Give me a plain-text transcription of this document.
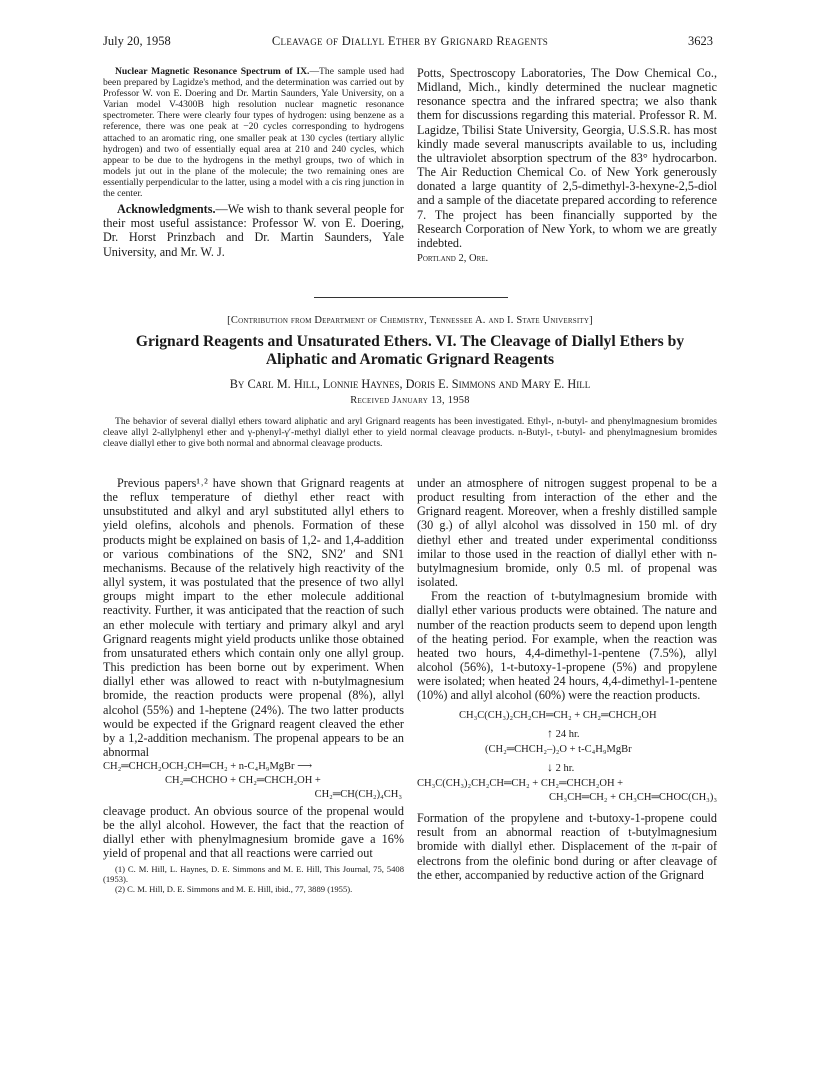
July 20, 1958	Cleavage of Diallyl Ether by Grignard Reagents	3623
Nuclear Magnetic Resonance Spectrum of IX.—The sample used had been prepared by Lagidze's method, and the determination was carried out by Professor W. von E. Doering and Dr. Martin Saunders, Yale University, on a Varian model V-4300B high resolution nuclear magnetic resonance spectrometer. There were clearly four types of hydrogen: using benzene as a reference, there was one peak at −20 cycles corresponding to hydrogens attached to an aromatic ring, one smaller peak at 130 cycles (tertiary allylic hydrogen) and two of essentially equal area at 210 and 240 cycles, which appear to be due to the hydrogens in the methyl groups, two of which in models jut out in the plane of the molecule; the two remaining ones are essentially perpendicular to the latter, using a model with a cis ring junction in the center.
Acknowledgments.—We wish to thank several people for their most useful assistance: Professor W. von E. Doering, Dr. Horst Prinzbach and Dr. Martin Saunders, Yale University, and Mr. W. J.
Potts, Spectroscopy Laboratories, The Dow Chemical Co., Midland, Mich., kindly determined the nuclear magnetic resonance spectra and the infrared spectra; we also thank them for discussions regarding this material. Professor R. M. Lagidze, Tbilisi State University, Georgia, U.S.S.R. has most kindly made several manuscripts available to us, including the ultraviolet absorption spectrum of the 83° hydrocarbon. The Air Reduction Chemical Co. of New York generously donated a large quantity of 2,5-dimethyl-3-hexyne-2,5-diol and a sample of the diacetate prepared according to reference 7. The project has been financially supported by the Research Corporation of New York, to whom we are greatly indebted.
Portland 2, Ore.
[Contribution from Department of Chemistry, Tennessee A. and I. State University]
Grignard Reagents and Unsaturated Ethers. VI. The Cleavage of Diallyl Ethers by
Aliphatic and Aromatic Grignard Reagents
By Carl M. Hill, Lonnie Haynes, Doris E. Simmons and Mary E. Hill
Received January 13, 1958
The behavior of several diallyl ethers toward aliphatic and aryl Grignard reagents has been investigated. Ethyl-, n-butyl- and phenylmagnesium bromides cleave allyl 2-allylphenyl ether and γ-phenyl-γ′-methyl diallyl ether to yield normal cleavage products. n-Butyl-, t-butyl- and phenylmagnesium bromides cleave diallyl ether to give both normal and abnormal cleavage products.

Previous papers¹˒² have shown that Grignard reagents at the reflux temperature of diethyl ether react with unsubstituted and alkyl and aryl substituted allyl ethers to yield olefins, alcohols and phenols. Formation of these products might be explained on basis of 1,2- and 1,4-addition or various combinations of the SN2, SN2′ and SN1 mechanisms. Because of the relatively high reactivity of the allyl system, it was postulated that the presence of two allyl groups might impart to the ether molecule additional reactivity. Further, it was anticipated that the reaction of such an ether molecule with tertiary and primary alkyl and aryl Grignard reagents might yield products unlike those obtained from unsaturated ethers which contain only one allyl group. This prediction has been borne out by experiment. When diallyl ether was allowed to react with n-butylmagnesium bromide, the reaction products were propenal (8%), allyl alcohol (55%) and 1-heptene (24%). The two latter products would be expected if the Grignard reagent cleaved the ether by a 1,2-addition mechanism. The propenal appears to be an abnormal

CH₂═CHCH₂OCH₂CH═CH₂ + n-C₄H₉MgBr ⟶
CH₂═CHCHO + CH₂═CHCH₂OH +
CH₂═CH(CH₂)₄CH₃

cleavage product. An obvious source of the propenal would be the allyl alcohol. However, the fact that the reaction of diallyl ether with phenylmagnesium bromide gave a 16% yield of propenal and that all reactions were carried out

(1) C. M. Hill, L. Haynes, D. E. Simmons and M. E. Hill, This Journal, 75, 5408 (1953).
(2) C. M. Hill, D. E. Simmons and M. E. Hill, ibid., 77, 3889 (1955).

under an atmosphere of nitrogen suggest propenal to be a product resulting from interaction of the ether and the Grignard reagent. Moreover, when a freshly distilled sample (30 g.) of allyl alcohol was dissolved in 150 ml. of dry diethyl ether and treated under experimental conditionss imilar to those used in the reaction of diallyl ether with n-butylmagnesium bromide, only 0.5 ml. of propenal was isolated.

From the reaction of t-butylmagnesium bromide with diallyl ether various products were obtained. The nature and number of the reaction products seem to depend upon length of the heating period. For example, when the reaction was heated two hours, 4,4-dimethyl-1-pentene (7.5%), allyl alcohol (56%), 1-t-butoxy-1-propene (5%) and propylene were isolated; when heated 24 hours, 4,4-dimethyl-1-pentene (10%) and allyl alcohol (60%) were the reaction products.

CH₃C(CH₃)₂CH₂CH═CH₂ + CH₂═CHCH₂OH
↑ 24 hr.
(CH₂═CHCH₂–)₂O + t-C₄H₉MgBr
↓ 2 hr.
CH₃C(CH₃)₂CH₂CH═CH₂ + CH₂═CHCH₂OH +
CH₃CH═CH₂ + CH₃CH═CHOC(CH₃)₃

Formation of the propylene and t-butoxy-1-propene could result from an abnormal reaction of t-butylmagnesium bromide with diallyl ether. Displacement of the π-pair of electrons from the olefinic bond during or after cleavage of the ether, accompanied by reductive action of the Grignard
